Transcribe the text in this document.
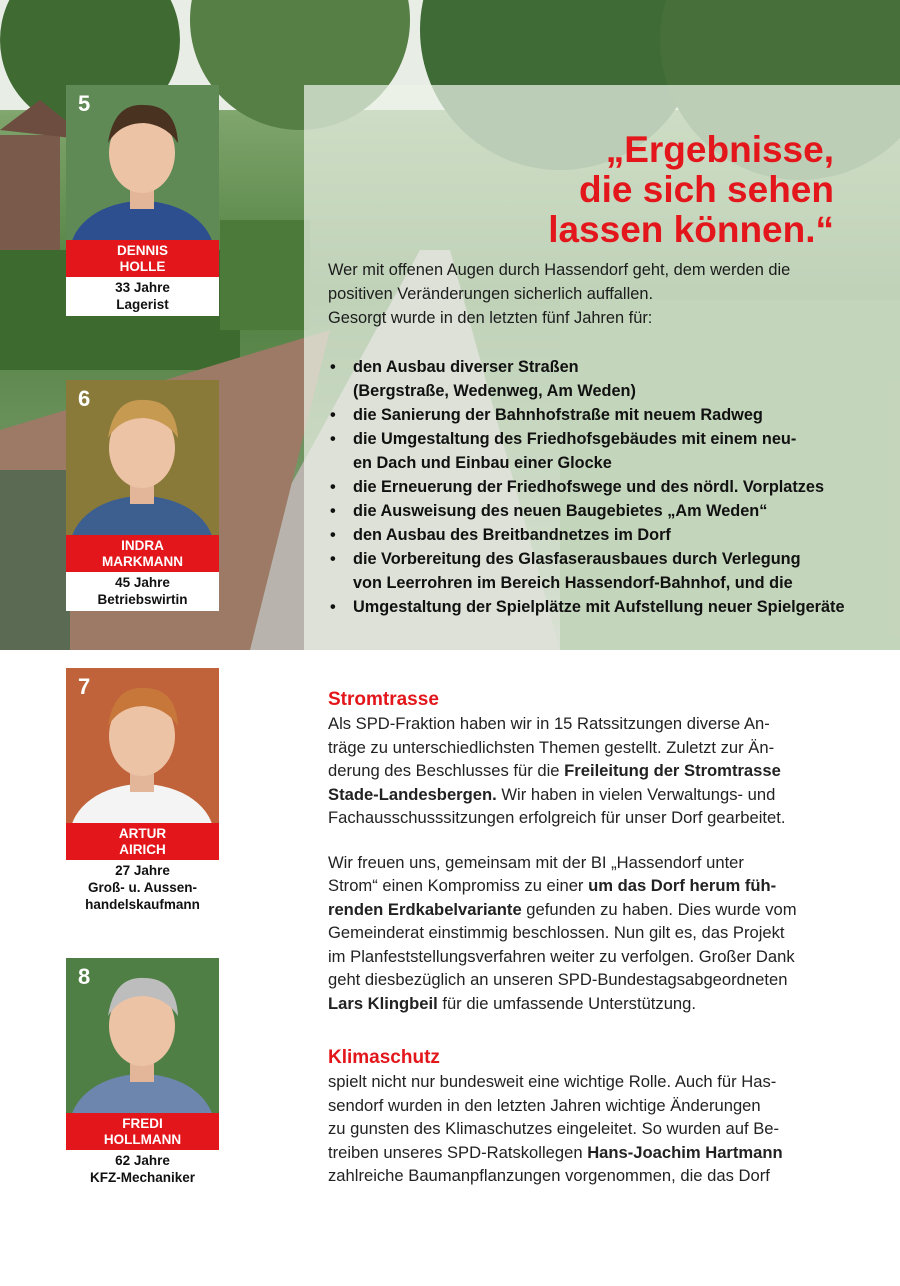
„Ergebnisse,
die sich sehen
lassen können.“
Wer mit offenen Augen durch Hassendorf geht, dem werden die
positiven Veränderungen sicherlich auffallen.
Gesorgt wurde in den letzten fünf Jahren für:
• den Ausbau diverser Straßen
(Bergstraße, Wedenweg, Am Weden)
• die Sanierung der Bahnhofstraße mit neuem Radweg
• die Umgestaltung des Friedhofsgebäudes mit einem neu-
en Dach und Einbau einer Glocke
• die Erneuerung der Friedhofswege und des nördl. Vorplatzes
• die Ausweisung des neuen Baugebietes „Am Weden“
• den Ausbau des Breitbandnetzes im Dorf
• die Vorbereitung des Glasfaserausbaues durch Verlegung
von Leerrohren im Bereich Hassendorf-Bahnhof, und die
• Umgestaltung der Spielplätze mit Aufstellung neuer Spielgeräte
5
DENNIS
HOLLE
33 Jahre
Lagerist
6
INDRA
MARKMANN
45 Jahre
Betriebswirtin
7
ARTUR
AIRICH
27 Jahre
Groß- u. Aussen-
handelskaufmann
8
FREDI
HOLLMANN
62 Jahre
KFZ-Mechaniker
Stromtrasse
Als SPD-Fraktion haben wir in 15 Ratssitzungen diverse An-
träge zu unterschiedlichsten Themen gestellt. Zuletzt zur Än-
derung des Beschlusses für die Freileitung der Stromtrasse
Stade-Landesbergen. Wir haben in vielen Verwaltungs- und
Fachausschusssitzungen erfolgreich für unser Dorf gearbeitet.
Wir freuen uns, gemeinsam mit der BI „Hassendorf unter
Strom“ einen Kompromiss zu einer um das Dorf herum füh-
renden Erdkabelvariante gefunden zu haben. Dies wurde vom
Gemeinderat einstimmig beschlossen. Nun gilt es, das Projekt
im Planfeststellungsverfahren weiter zu verfolgen. Großer Dank
geht diesbezüglich an unseren SPD-Bundestagsabgeordneten
Lars Klingbeil für die umfassende Unterstützung.
Klimaschutz
spielt nicht nur bundesweit eine wichtige Rolle. Auch für Has-
sendorf wurden in den letzten Jahren wichtige Änderungen
zu gunsten des Klimaschutzes eingeleitet. So wurden auf Be-
treiben unseres SPD-Ratskollegen Hans-Joachim Hartmann
zahlreiche Baumanpflanzungen vorgenommen, die das Dorf
